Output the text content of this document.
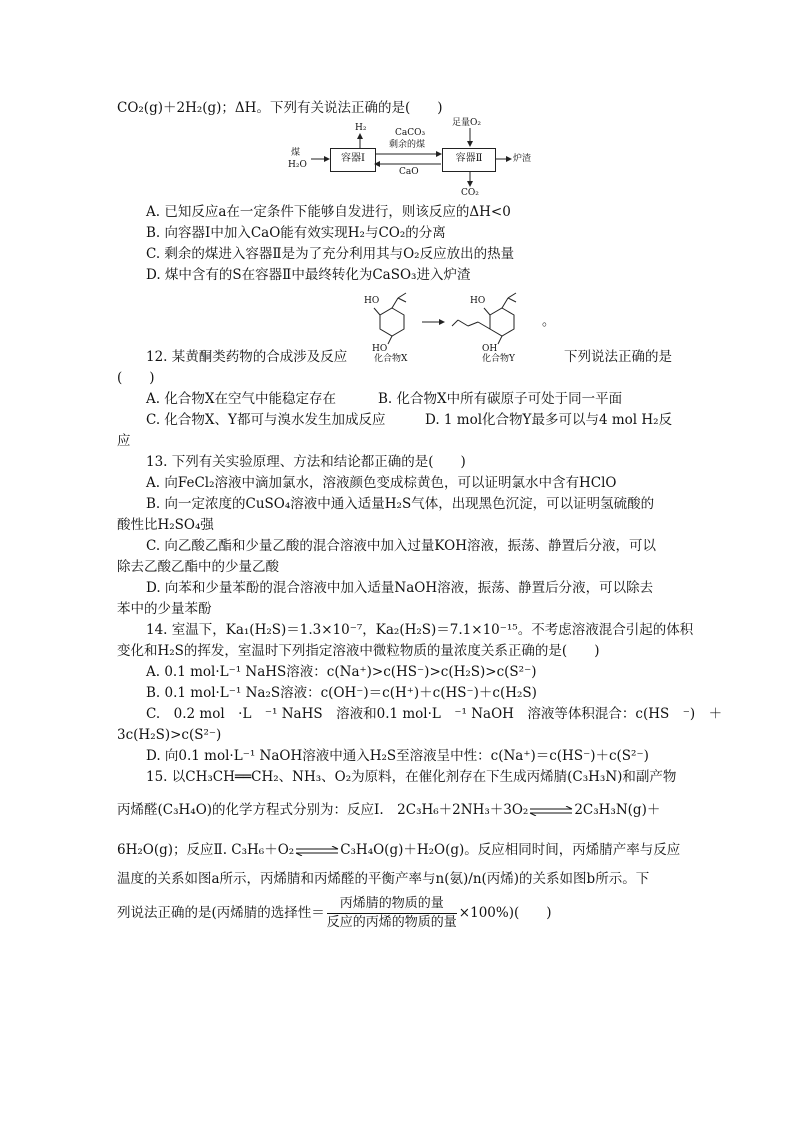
CO₂(g)＋2H₂(g)；ΔH。下列有关说法正确的是(　　)
煤
H₂O
容器Ⅰ
H₂	CaCO₃
剩余的煤
CaO
容器Ⅱ
足量O₂
炉渣
CO₂
A. 已知反应a在一定条件下能够自发进行，则该反应的ΔH<0
B. 向容器Ⅰ中加入CaO能有效实现H₂与CO₂的分离
C. 剩余的煤进入容器Ⅱ是为了充分利用其与O₂反应放出的热量
D. 煤中含有的S在容器Ⅱ中最终转化为CaSO₃进入炉渣
HO
HO
HO
OH
。
化合物X	化合物Y
12. 某黄酮类药物的合成涉及反应	下列说法正确的是
(　　)
A. 化合物X在空气中能稳定存在	B. 化合物X中所有碳原子可处于同一平面
C. 化合物X、Y都可与溴水发生加成反应	D. 1 mol化合物Y最多可以与4 mol H₂反
应
13. 下列有关实验原理、方法和结论都正确的是(　　)
A. 向FeCl₂溶液中滴加氯水，溶液颜色变成棕黄色，可以证明氯水中含有HClO
B. 向一定浓度的CuSO₄溶液中通入适量H₂S气体，出现黑色沉淀，可以证明氢硫酸的
酸性比H₂SO₄强
C. 向乙酸乙酯和少量乙酸的混合溶液中加入过量KOH溶液，振荡、静置后分液，可以
除去乙酸乙酯中的少量乙酸
D. 向苯和少量苯酚的混合溶液中加入适量NaOH溶液，振荡、静置后分液，可以除去
苯中的少量苯酚
14. 室温下，Ka₁(H₂S)＝1.3×10⁻⁷，Ka₂(H₂S)＝7.1×10⁻¹⁵。不考虑溶液混合引起的体积
变化和H₂S的挥发，室温时下列指定溶液中微粒物质的量浓度关系正确的是(　　)
A. 0.1 mol·L⁻¹ NaHS溶液：c(Na⁺)>c(HS⁻)>c(H₂S)>c(S²⁻)
B. 0.1 mol·L⁻¹ Na₂S溶液：c(OH⁻)＝c(H⁺)＋c(HS⁻)＋c(H₂S)
C.　0.2 mol　·L　⁻¹ NaHS　溶液和0.1 mol·L　⁻¹ NaOH　溶液等体积混合：c(HS　⁻)　＋
3c(H₂S)>c(S²⁻)
D. 向0.1 mol·L⁻¹ NaOH溶液中通入H₂S至溶液呈中性：c(Na⁺)＝c(HS⁻)＋c(S²⁻)
15. 以CH₃CH══CH₂、NH₃、O₂为原料，在催化剂存在下生成丙烯腈(C₃H₃N)和副产物
丙烯醛(C₃H₄O)的化学方程式分别为：反应Ⅰ.　2C₃H₆＋2NH₃＋3O₂⇌2C₃H₃N(g)＋
6H₂O(g)；反应Ⅱ. C₃H₆＋O₂⇌C₃H₄O(g)＋H₂O(g)。反应相同时间，丙烯腈产率与反应
温度的关系如图a所示，丙烯腈和丙烯醛的平衡产率与n(氨)/n(丙烯)的关系如图b所示。下
列说法正确的是(丙烯腈的选择性＝ $\frac{\text{丙烯腈的物质的量}}{\text{反应的丙烯的物质的量}} \times 100\%$)(　　)
